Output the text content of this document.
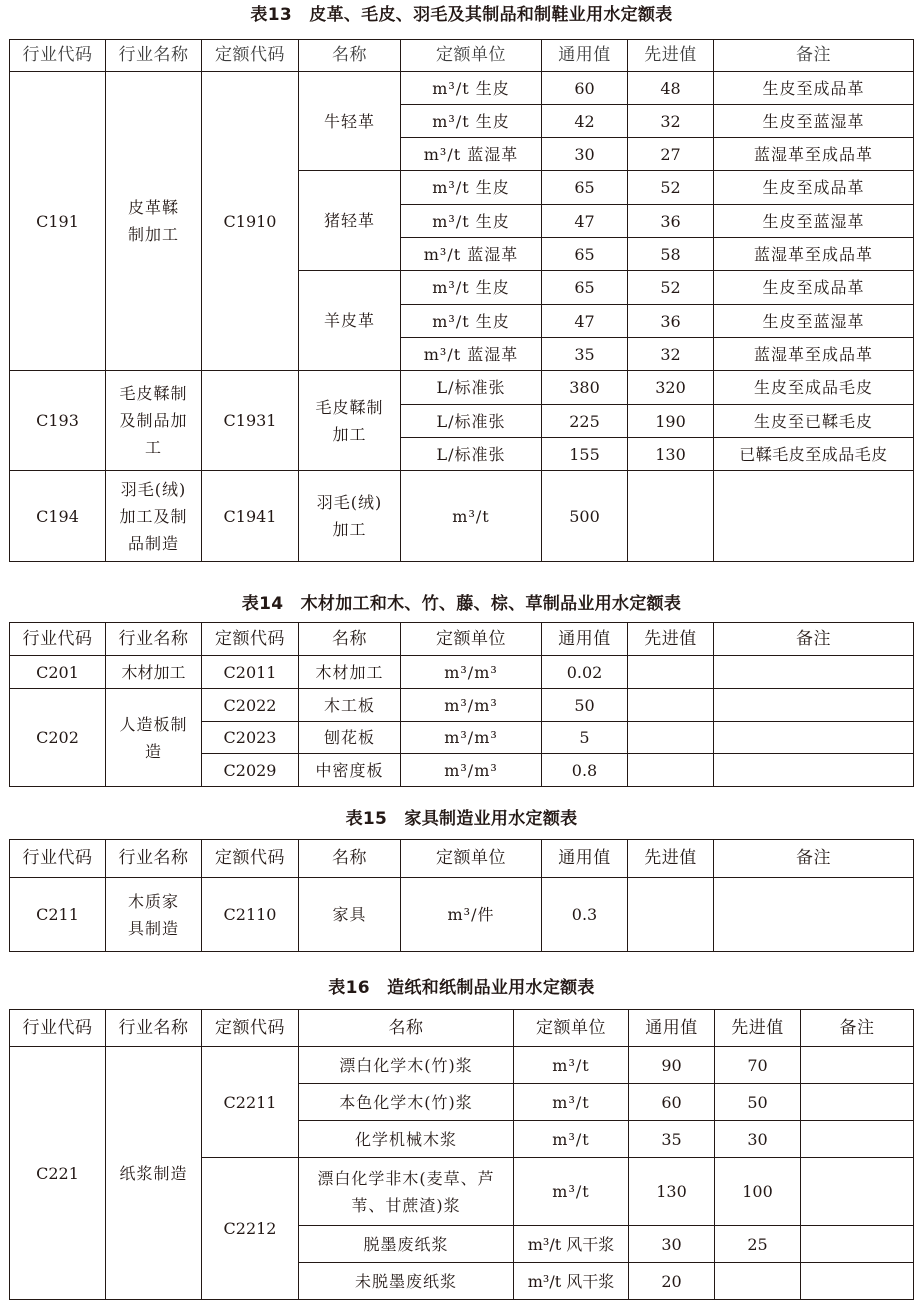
表13　皮革、毛皮、羽毛及其制品和制鞋业用水定额表
行业代码	行业名称	定额代码	名称	定额单位	通用值	先进值	备注
C191	皮革鞣制加工	C1910	牛轻革	m³/t 生皮	60	48	生皮至成品革
				m³/t 生皮	42	32	生皮至蓝湿革
				m³/t 蓝湿革	30	27	蓝湿革至成品革
			猪轻革	m³/t 生皮	65	52	生皮至成品革
				m³/t 生皮	47	36	生皮至蓝湿革
				m³/t 蓝湿革	65	58	蓝湿革至成品革
			羊皮革	m³/t 生皮	65	52	生皮至成品革
				m³/t 生皮	47	36	生皮至蓝湿革
				m³/t 蓝湿革	35	32	蓝湿革至成品革
C193	毛皮鞣制及制品加工	C1931	毛皮鞣制加工	L/标准张	380	320	生皮至成品毛皮
				L/标准张	225	190	生皮至已鞣毛皮
				L/标准张	155	130	已鞣毛皮至成品毛皮
C194	羽毛(绒)加工及制品制造	C1941	羽毛(绒)加工	m³/t	500		
表14　木材加工和木、竹、藤、棕、草制品业用水定额表
行业代码	行业名称	定额代码	名称	定额单位	通用值	先进值	备注
C201	木材加工	C2011	木材加工	m³/m³	0.02		
C202	人造板制造	C2022	木工板	m³/m³	50		
		C2023	刨花板	m³/m³	5		
		C2029	中密度板	m³/m³	0.8		
表15　家具制造业用水定额表
行业代码	行业名称	定额代码	名称	定额单位	通用值	先进值	备注
C211	木质家具制造	C2110	家具	m³/件	0.3		
表16　造纸和纸制品业用水定额表
行业代码	行业名称	定额代码	名称	定额单位	通用值	先进值	备注
C221	纸浆制造	C2211	漂白化学木(竹)浆	m³/t	90	70	
			本色化学木(竹)浆	m³/t	60	50	
			化学机械木浆	m³/t	35	30	
		C2212	漂白化学非木(麦草、芦苇、甘蔗渣)浆	m³/t	130	100	
			脱墨废纸浆	m³/t 风干浆	30	25	
			未脱墨废纸浆	m³/t 风干浆	20		
